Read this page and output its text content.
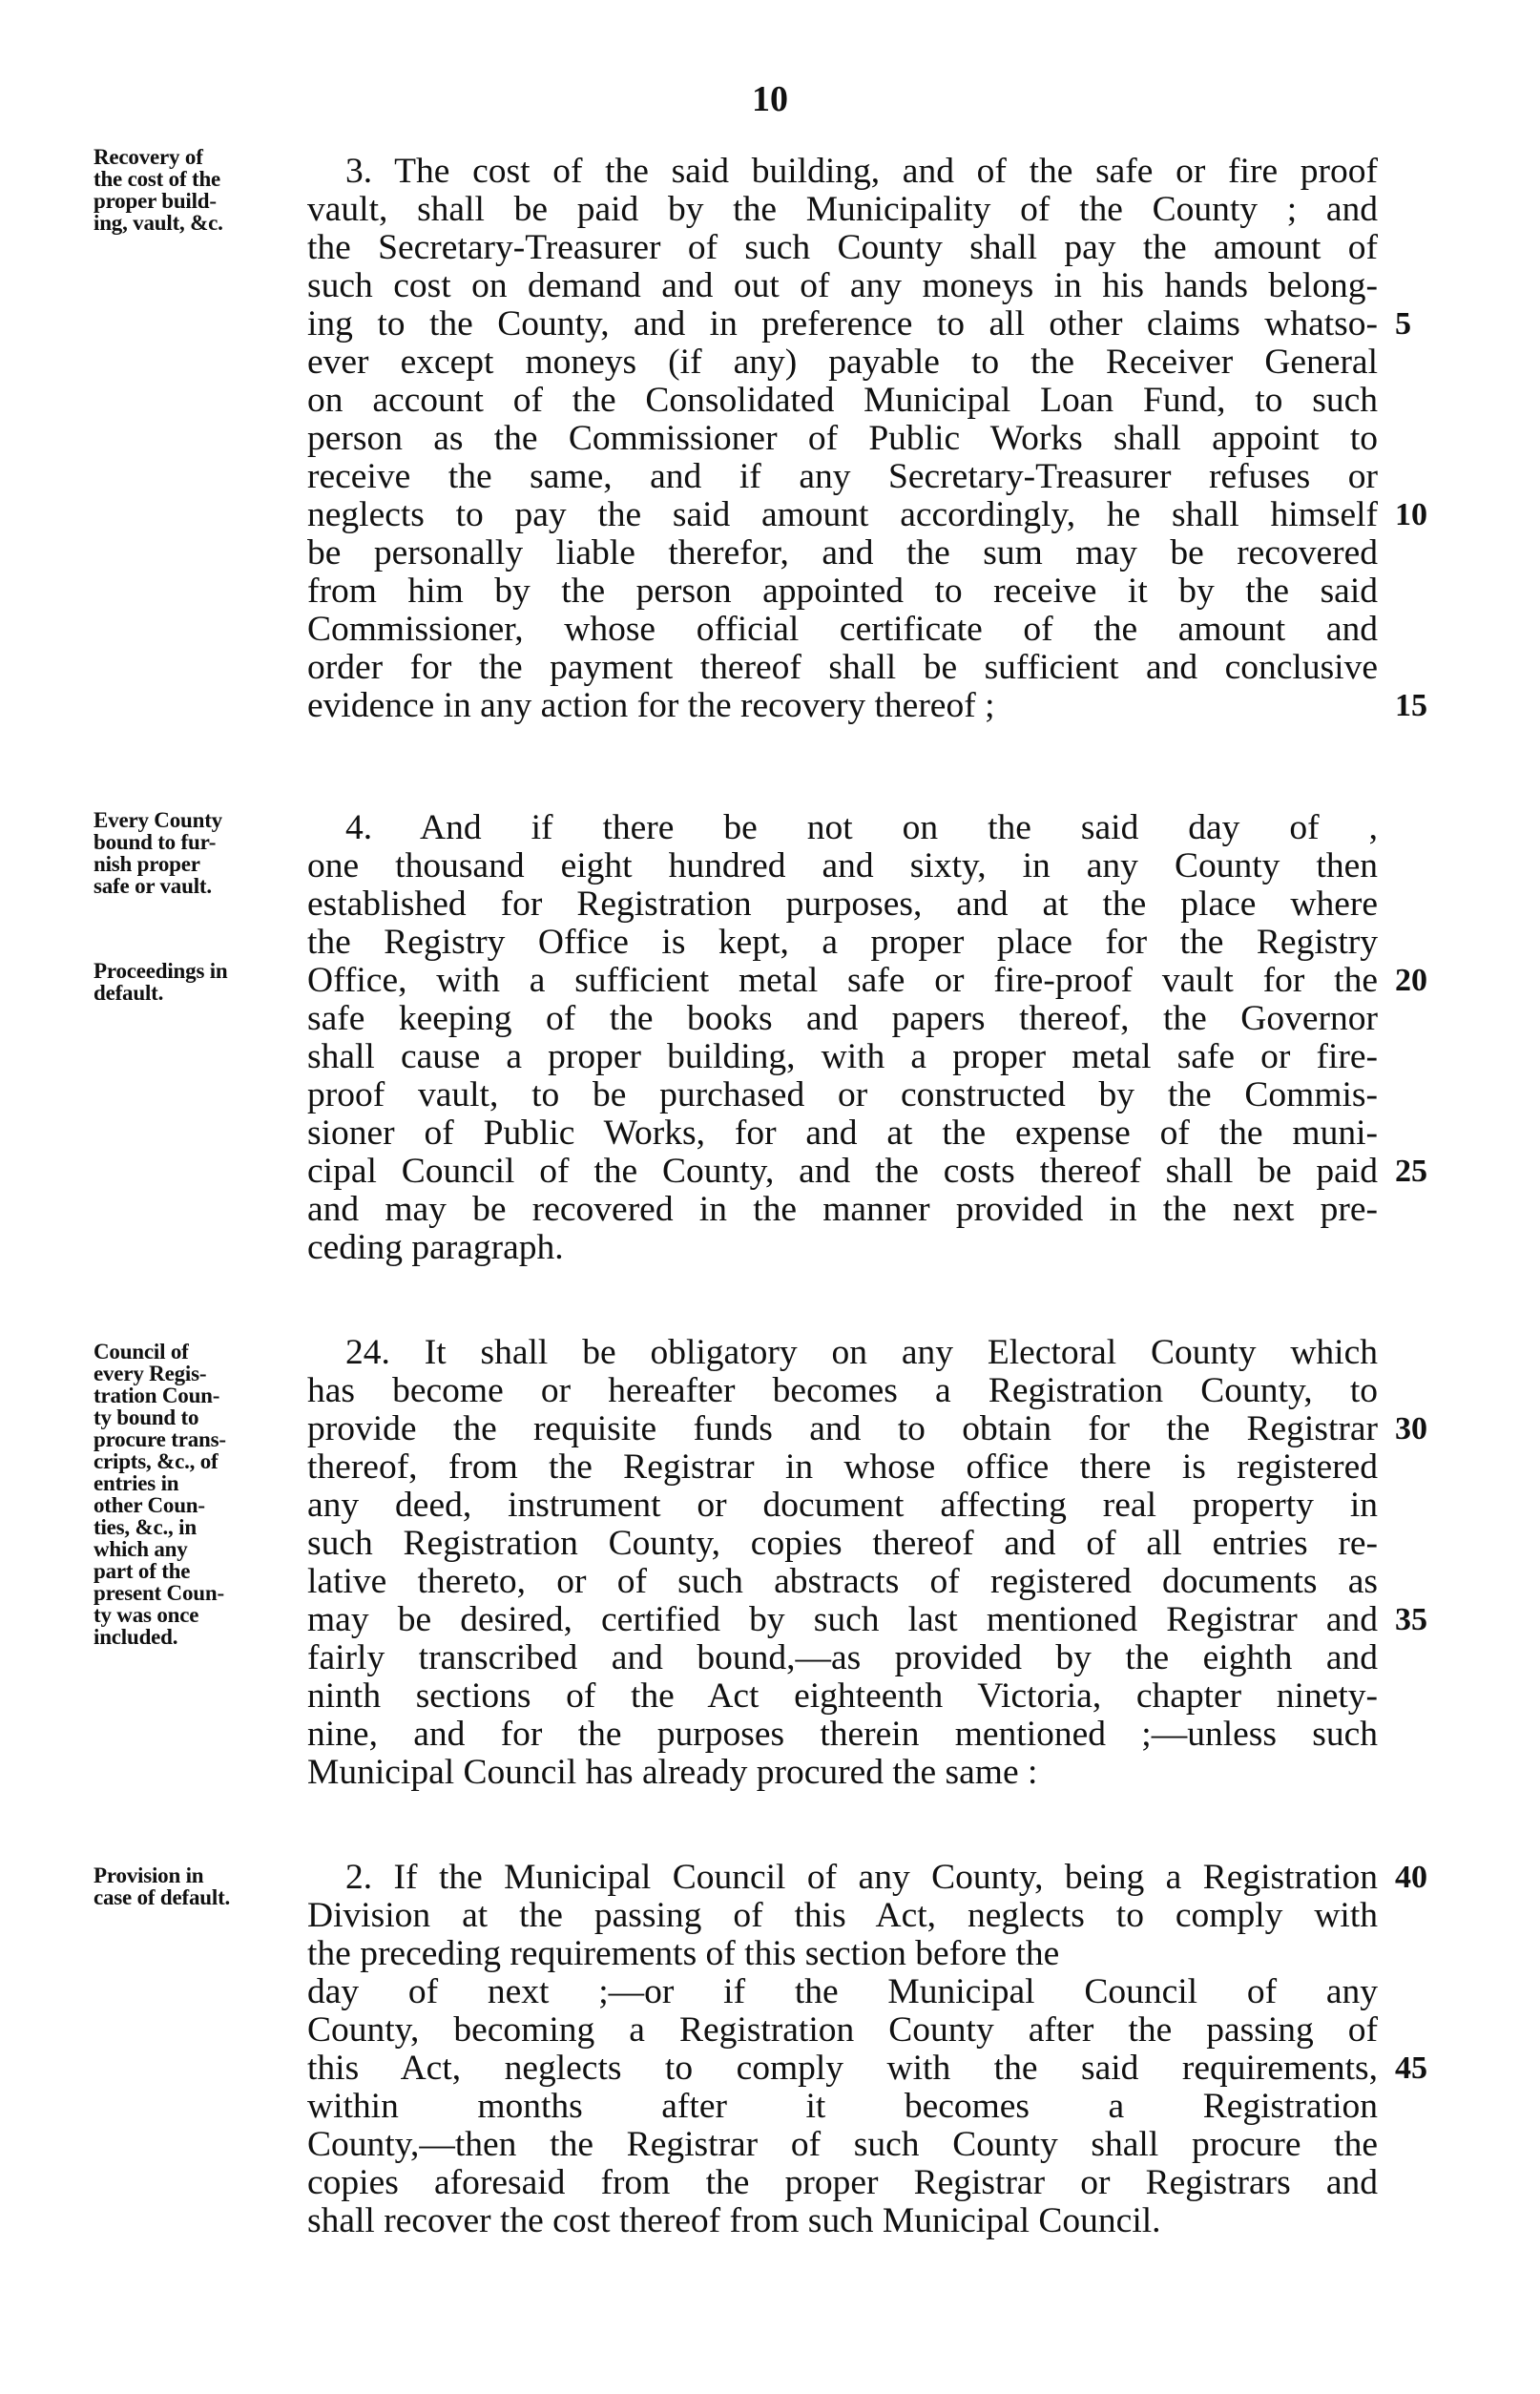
10
Recovery of
the cost of the
proper build-
ing, vault, &c.
Every County
bound to fur-
nish proper
safe or vault.
Proceedings in
default.
Council of
every Regis-
tration Coun-
ty bound to
procure trans-
cripts, &c., of
entries in
other Coun-
ties, &c., in
which any
part of the
present Coun-
ty was once
included.
Provision in
case of default.
3. The cost of the said building, and of the safe or fire proof
vault, shall be paid by the Municipality of the County ; and
the Secretary-Treasurer of such County shall pay the amount of
such cost on demand and out of any moneys in his hands belong-
ing to the County, and in preference to all other claims whatso-
ever except moneys (if any) payable to the Receiver General
on account of the Consolidated Municipal Loan Fund, to such
person as the Commissioner of Public Works shall appoint to
receive the same, and if any Secretary-Treasurer refuses or
neglects to pay the said amount accordingly, he shall himself
be personally liable therefor, and the sum may be recovered
from him by the person appointed to receive it by the said
Commissioner, whose official certificate of the amount and
order for the payment thereof shall be sufficient and conclusive
evidence in any action for the recovery thereof ;
4. And if there be not on the said day of ,
one thousand eight hundred and sixty, in any County then
established for Registration purposes, and at the place where
the Registry Office is kept, a proper place for the Registry
Office, with a sufficient metal safe or fire-proof vault for the
safe keeping of the books and papers thereof, the Governor
shall cause a proper building, with a proper metal safe or fire-
proof vault, to be purchased or constructed by the Commis-
sioner of Public Works, for and at the expense of the muni-
cipal Council of the County, and the costs thereof shall be paid
and may be recovered in the manner provided in the next pre-
ceding paragraph.
24. It shall be obligatory on any Electoral County which
has become or hereafter becomes a Registration County, to
provide the requisite funds and to obtain for the Registrar
thereof, from the Registrar in whose office there is registered
any deed, instrument or document affecting real property in
such Registration County, copies thereof and of all entries re-
lative thereto, or of such abstracts of registered documents as
may be desired, certified by such last mentioned Registrar and
fairly transcribed and bound,—as provided by the eighth and
ninth sections of the Act eighteenth Victoria, chapter ninety-
nine, and for the purposes therein mentioned ;—unless such
Municipal Council has already procured the same :
2. If the Municipal Council of any County, being a Registration
Division at the passing of this Act, neglects to comply with
the preceding requirements of this section before the
day of next ;—or if the Municipal Council of any
County, becoming a Registration County after the passing of
this Act, neglects to comply with the said requirements,
within months after it becomes a Registration
County,—then the Registrar of such County shall procure the
copies aforesaid from the proper Registrar or Registrars and
shall recover the cost thereof from such Municipal Council.
5
10
15
20
25
30
35
40
45
